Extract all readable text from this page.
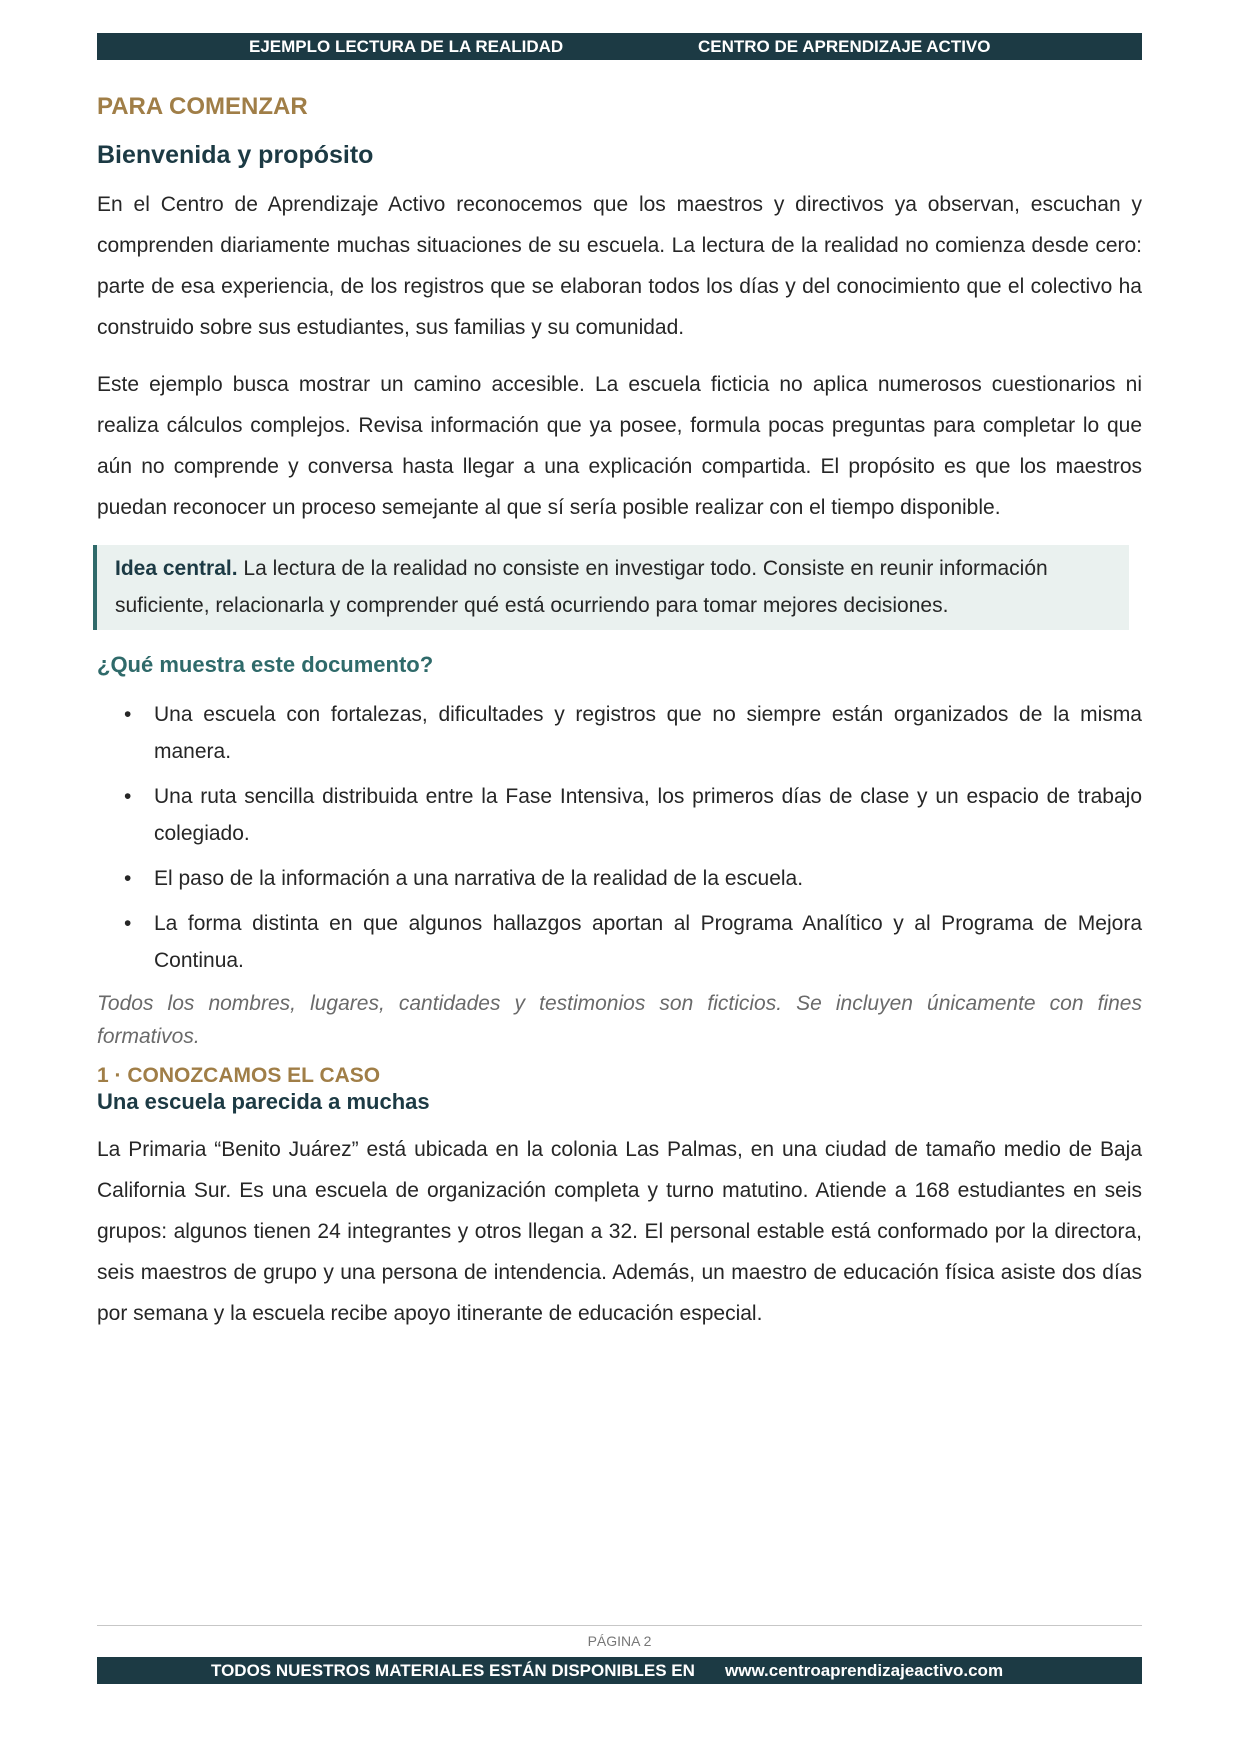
EJEMPLO LECTURA DE LA REALIDAD	CENTRO DE APRENDIZAJE ACTIVO

PARA COMENZAR

Bienvenida y propósito

En el Centro de Aprendizaje Activo reconocemos que los maestros y directivos ya observan, escuchan y comprenden diariamente muchas situaciones de su escuela. La lectura de la realidad no comienza desde cero: parte de esa experiencia, de los registros que se elaboran todos los días y del conocimiento que el colectivo ha construido sobre sus estudiantes, sus familias y su comunidad.

Este ejemplo busca mostrar un camino accesible. La escuela ficticia no aplica numerosos cuestionarios ni realiza cálculos complejos. Revisa información que ya posee, formula pocas preguntas para completar lo que aún no comprende y conversa hasta llegar a una explicación compartida. El propósito es que los maestros puedan reconocer un proceso semejante al que sí sería posible realizar con el tiempo disponible.

Idea central. La lectura de la realidad no consiste en investigar todo. Consiste en reunir información suficiente, relacionarla y comprender qué está ocurriendo para tomar mejores decisiones.

¿Qué muestra este documento?

• Una escuela con fortalezas, dificultades y registros que no siempre están organizados de la misma manera.
• Una ruta sencilla distribuida entre la Fase Intensiva, los primeros días de clase y un espacio de trabajo colegiado.
• El paso de la información a una narrativa de la realidad de la escuela.
• La forma distinta en que algunos hallazgos aportan al Programa Analítico y al Programa de Mejora Continua.

Todos los nombres, lugares, cantidades y testimonios son ficticios. Se incluyen únicamente con fines formativos.

1 · CONOZCAMOS EL CASO

Una escuela parecida a muchas

La Primaria “Benito Juárez” está ubicada en la colonia Las Palmas, en una ciudad de tamaño medio de Baja California Sur. Es una escuela de organización completa y turno matutino. Atiende a 168 estudiantes en seis grupos: algunos tienen 24 integrantes y otros llegan a 32. El personal estable está conformado por la directora, seis maestros de grupo y una persona de intendencia. Además, un maestro de educación física asiste dos días por semana y la escuela recibe apoyo itinerante de educación especial.

PÁGINA 2
TODOS NUESTROS MATERIALES ESTÁN DISPONIBLES EN www.centroaprendizajeactivo.com
